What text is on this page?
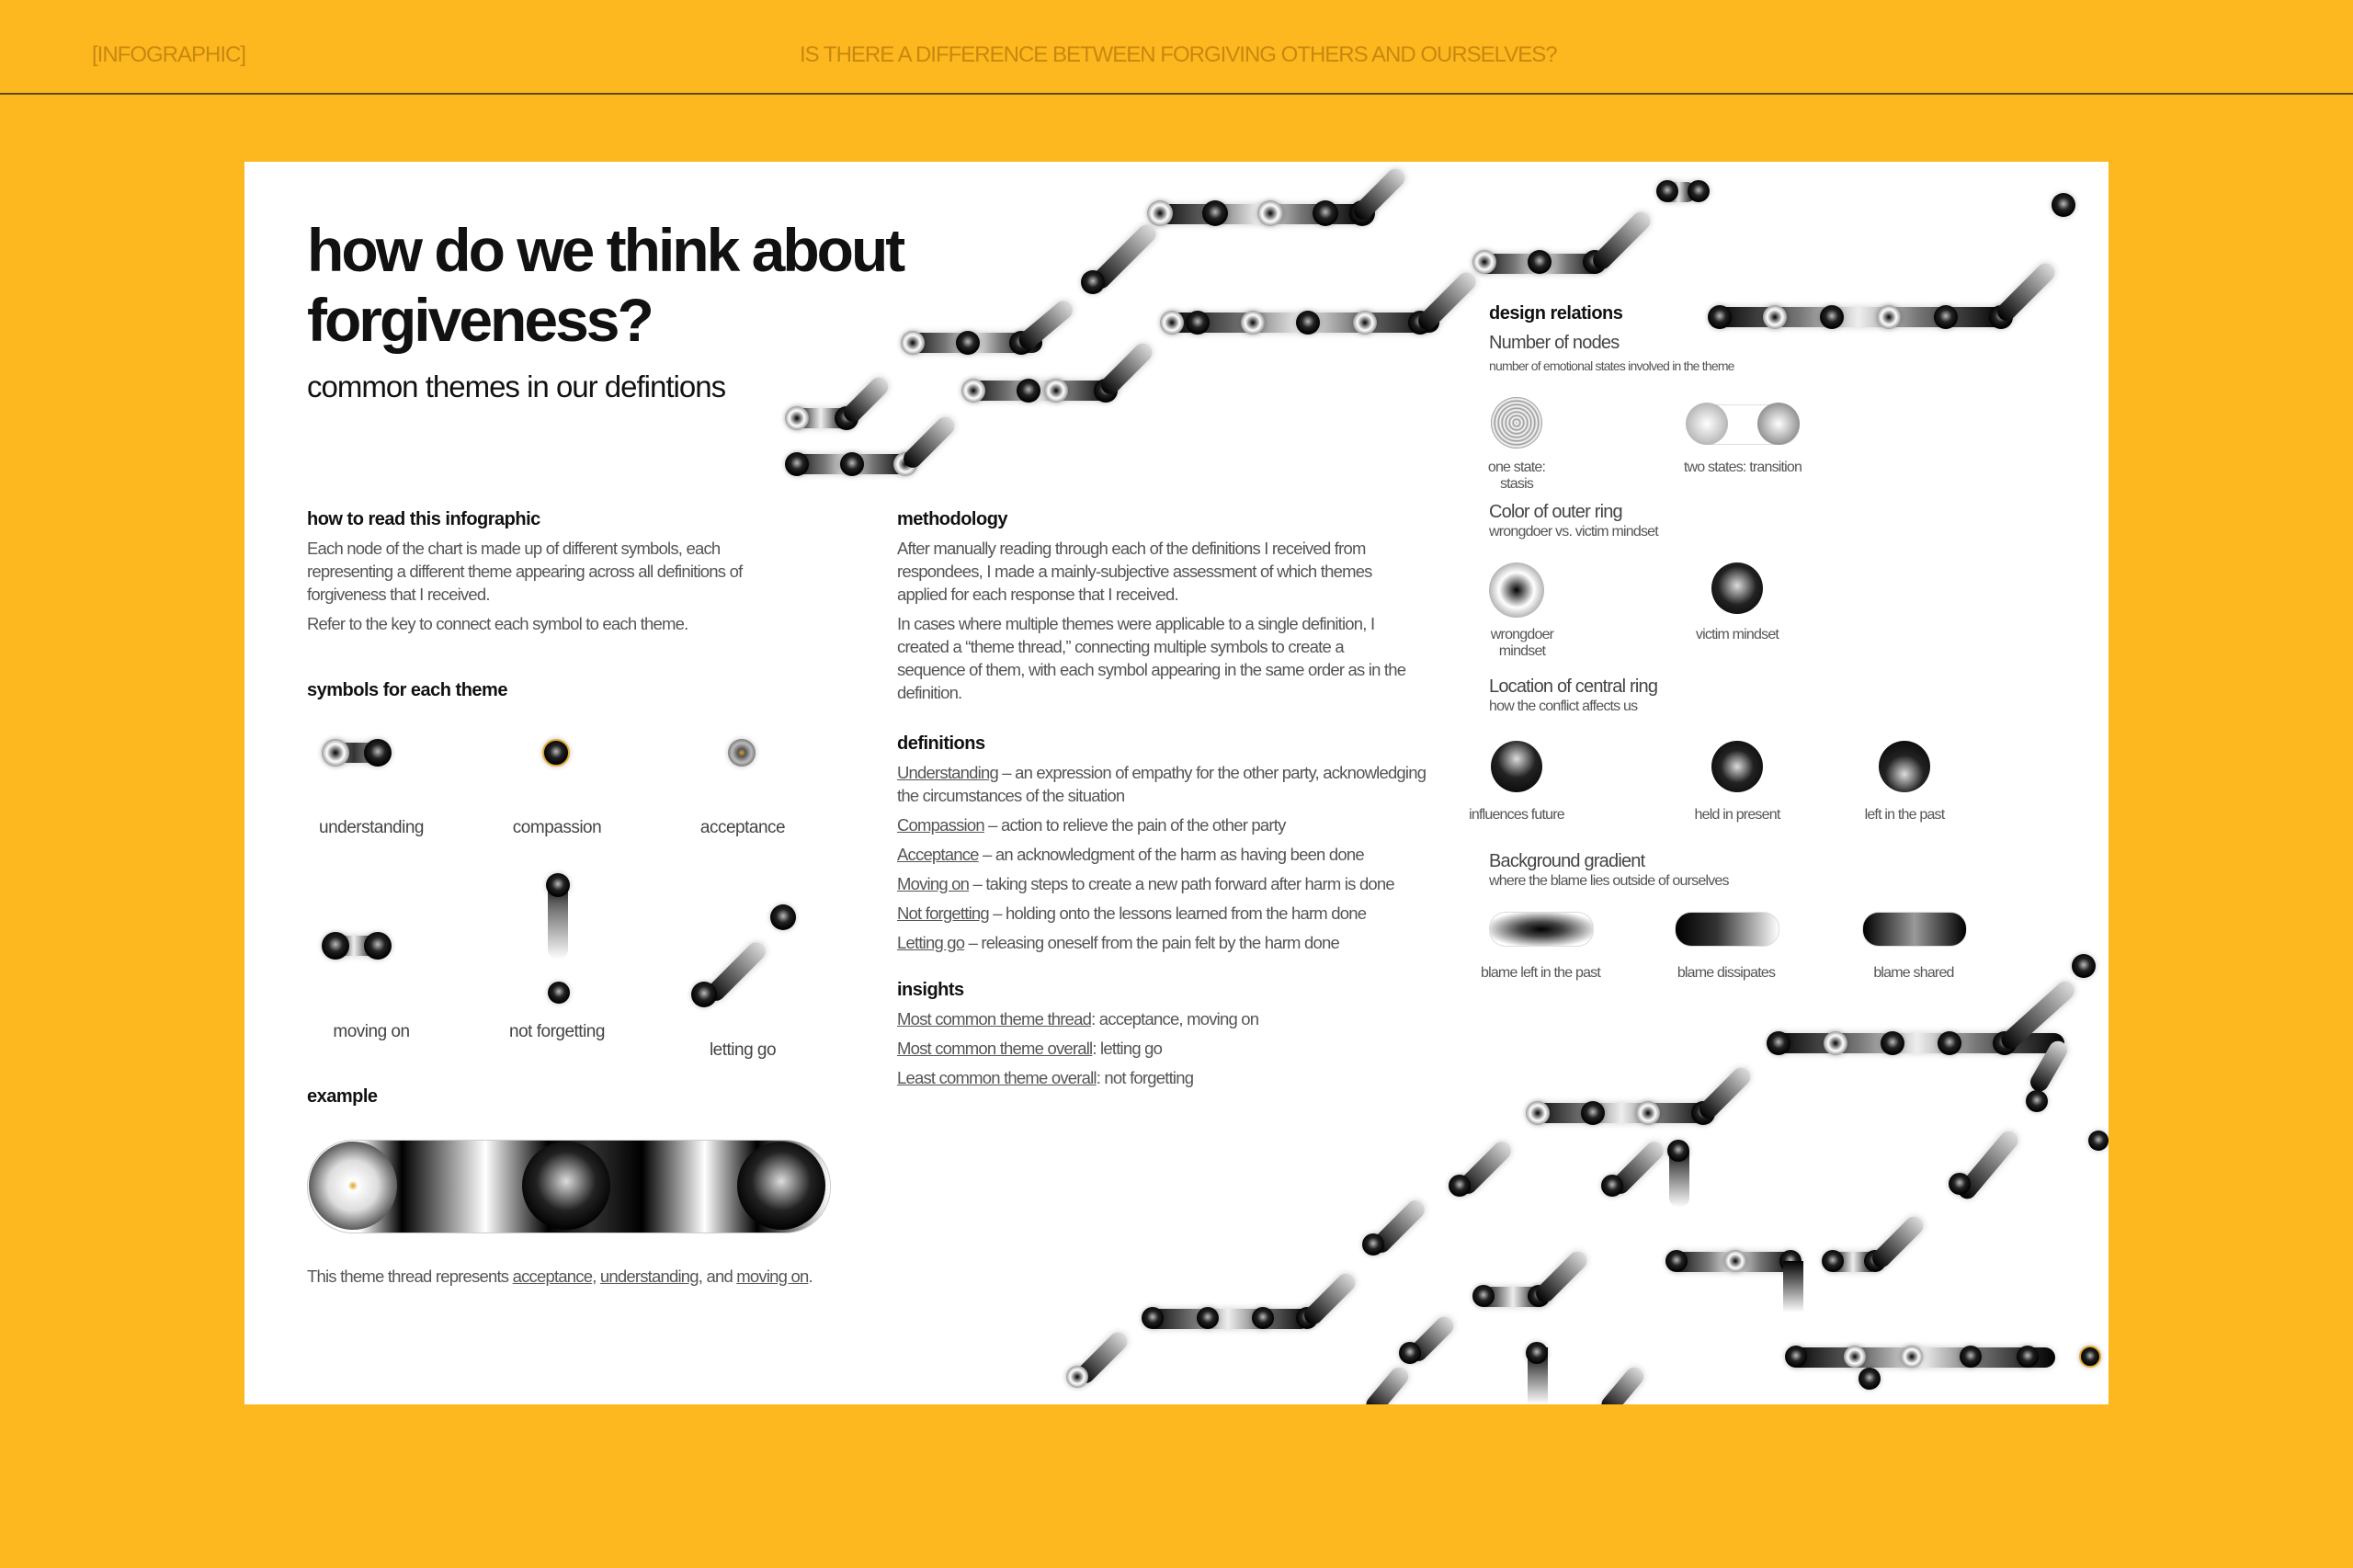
[INFOGRAPHIC]	IS THERE A DIFFERENCE BETWEEN FORGIVING OTHERS AND OURSELVES?
how do we think about forgiveness?
common themes in our defintions
how to read this infographic

Each node of the chart is made up of different symbols, each representing a different theme appearing across all definitions of forgiveness that I received.

Refer to the key to connect each symbol to each theme.

symbols for each theme
understanding	compassion	acceptance
moving on	not forgetting
letting go
example
This theme thread represents acceptance, understanding, and moving on.
methodology

After manually reading through each of the definitions I received from respondees, I made a mainly-subjective assessment of which themes applied for each response that I received.

In cases where multiple themes were applicable to a single definition, I created a “theme thread,” connecting multiple symbols to create a sequence of them, with each symbol appearing in the same order as in the definition.

definitions

Understanding – an expression of empathy for the other party, acknowledging the circumstances of the situation

Compassion – action to relieve the pain of the other party

Acceptance – an acknowledgment of the harm as having been done

Moving on – taking steps to create a new path forward after harm is done

Not forgetting – holding onto the lessons learned from the harm done

Letting go – releasing oneself from the pain felt by the harm done

insights

Most common theme thread: acceptance, moving on

Most common theme overall: letting go

Least common theme overall: not forgetting

design relations
Number of nodes
number of emotional states involved in the theme
one state: stasis
two states: transition
Color of outer ring
wrongdoer vs. victim mindset
wrongdoer mindset
victim mindset
Location of central ring
how the conflict affects us
influences future	held in present	left in the past
Background gradient
where the blame lies outside of ourselves
blame left in the past	blame dissipates	blame shared
